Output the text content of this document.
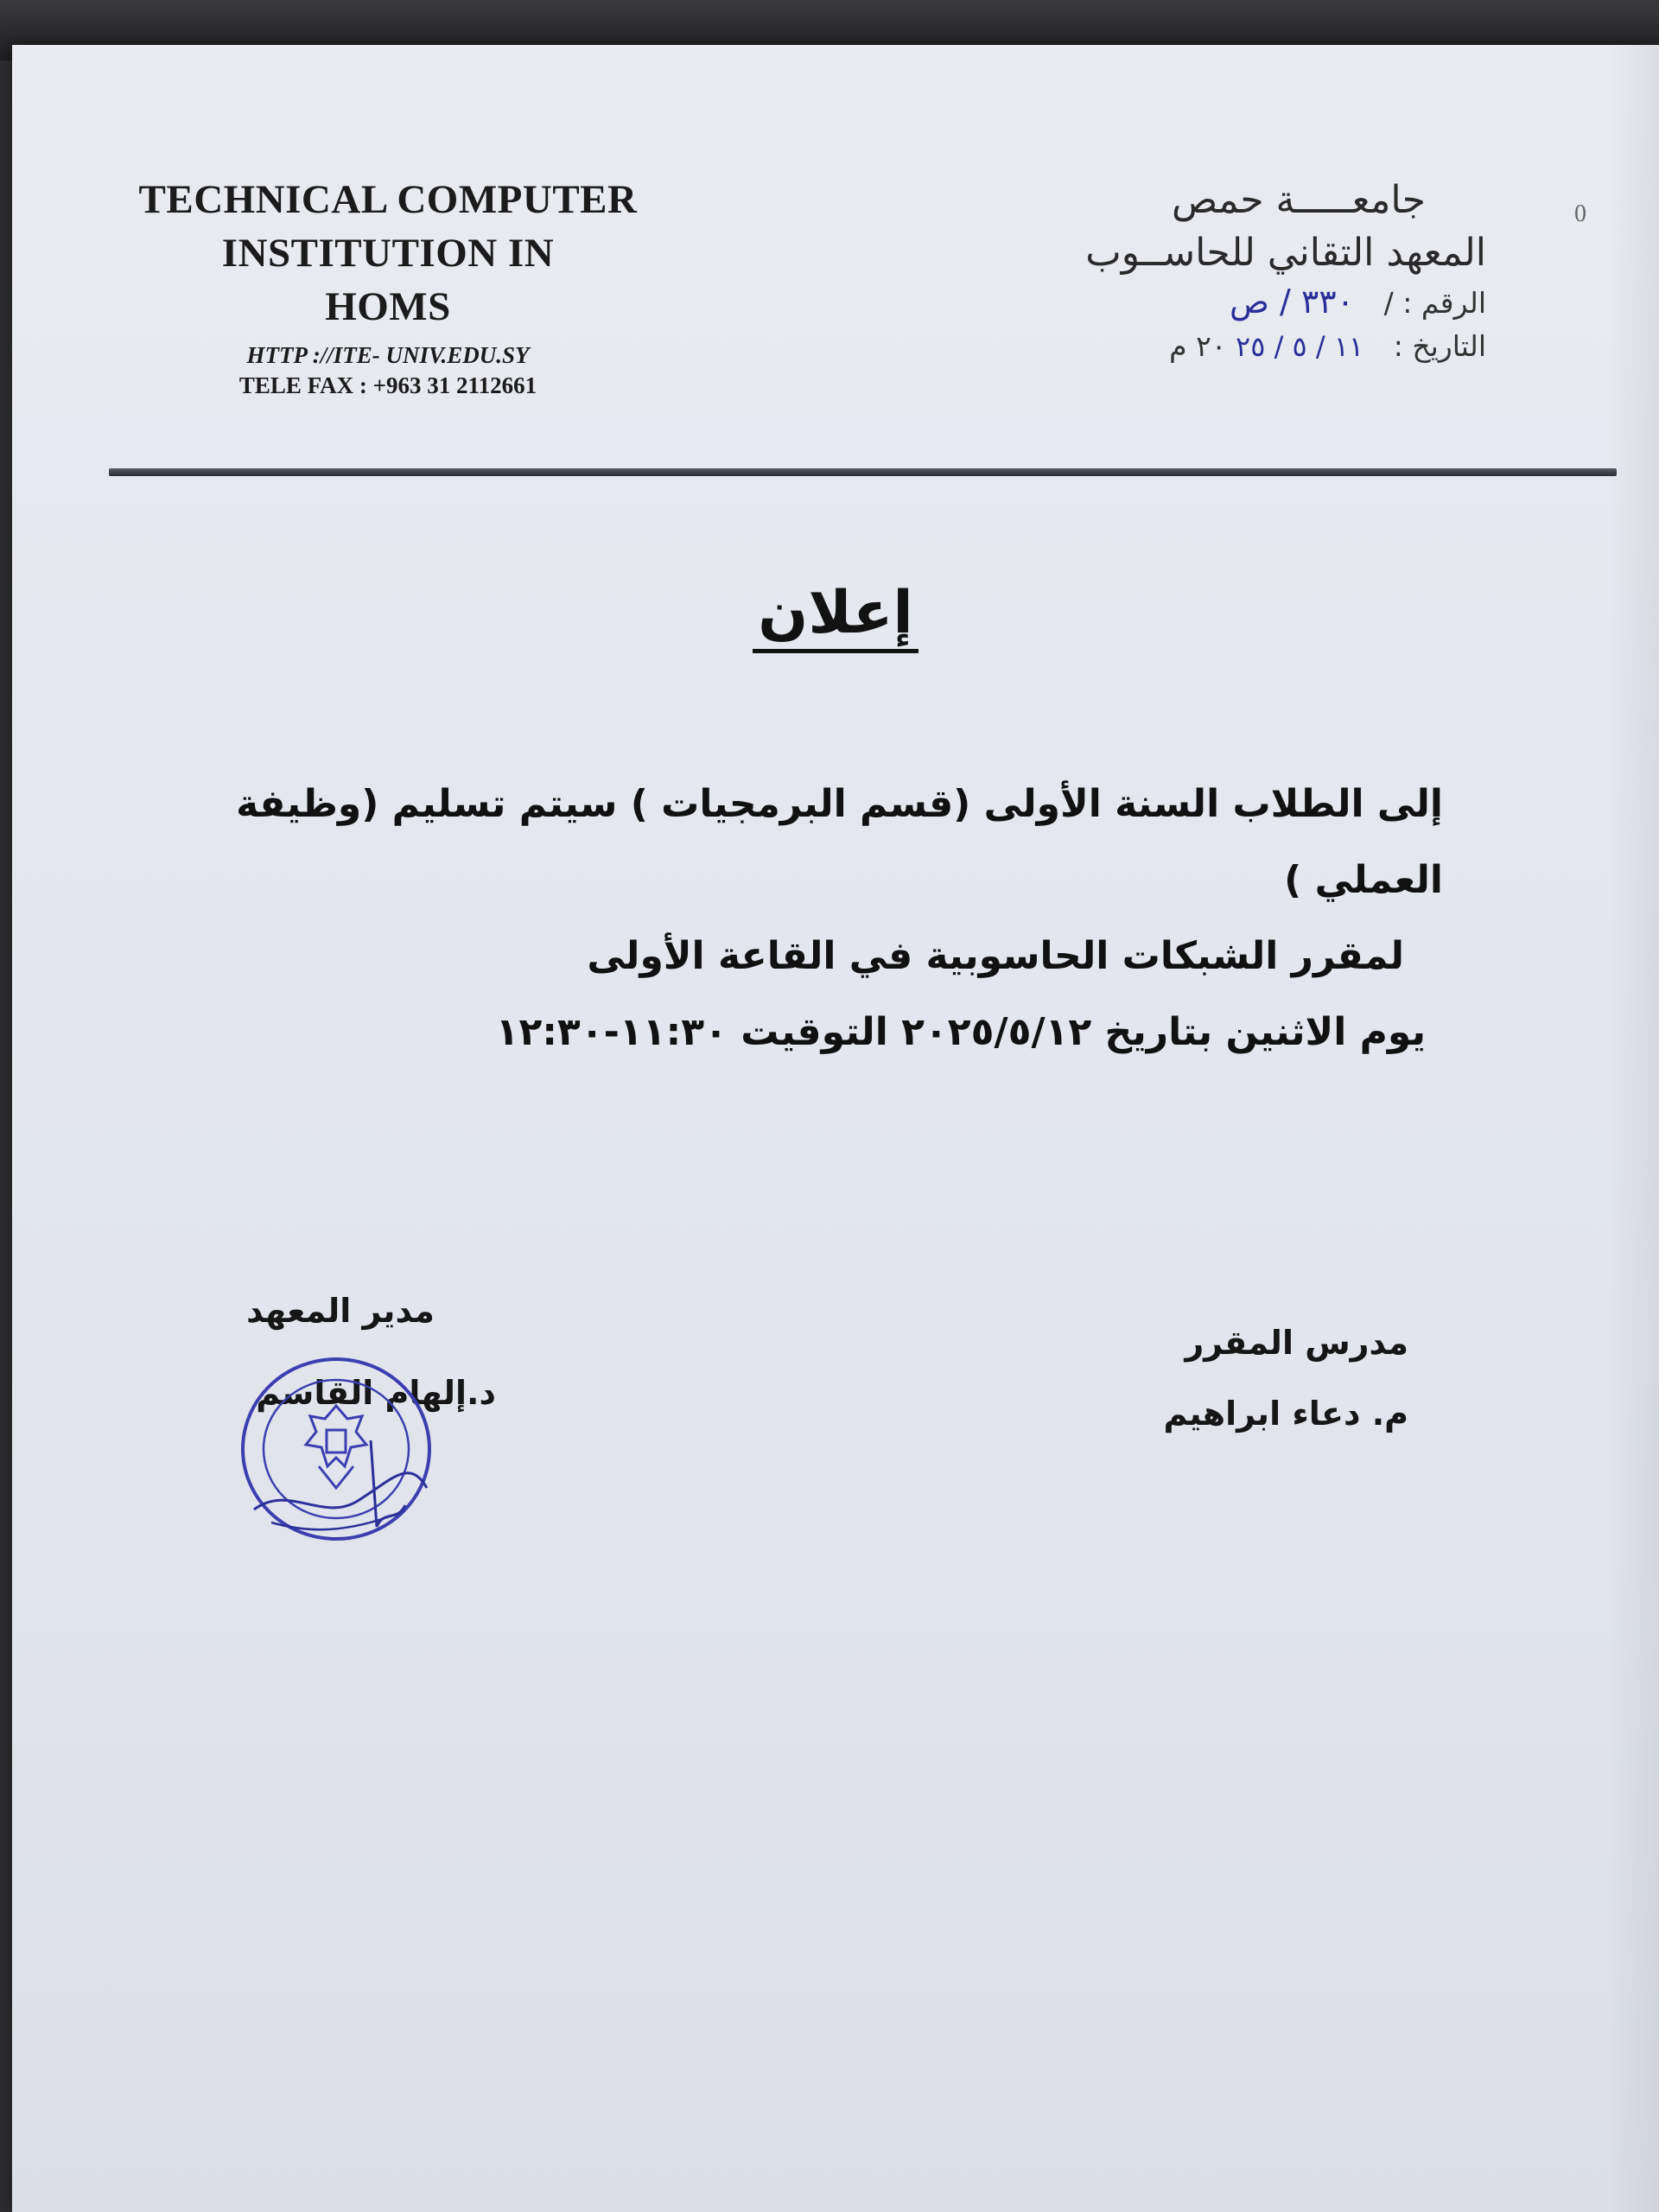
TECHNICAL COMPUTER
INSTITUTION IN
HOMS
HTTP ://ITE- UNIV.EDU.SY
TELE FAX : +963 31 2112661
0
جامعـــــة حمص
المعهد التقاني للحاســوب
الرقم : / ٣٣٠ / ص
التاريخ : ١١ / ٥ / ٢٥ ٢٠ م
إعلان
إلى الطلاب السنة الأولى (قسم البرمجيات ) سيتم تسليم (وظيفة العملي )
لمقرر الشبكات الحاسوبية في القاعة الأولى
يوم الاثنين بتاريخ ٢٠٢٥/٥/١٢ التوقيت ١١:٣٠-١٢:٣٠
مدير المعهد
د.إلهام القاسم
مدرس المقرر
م. دعاء ابراهيم
